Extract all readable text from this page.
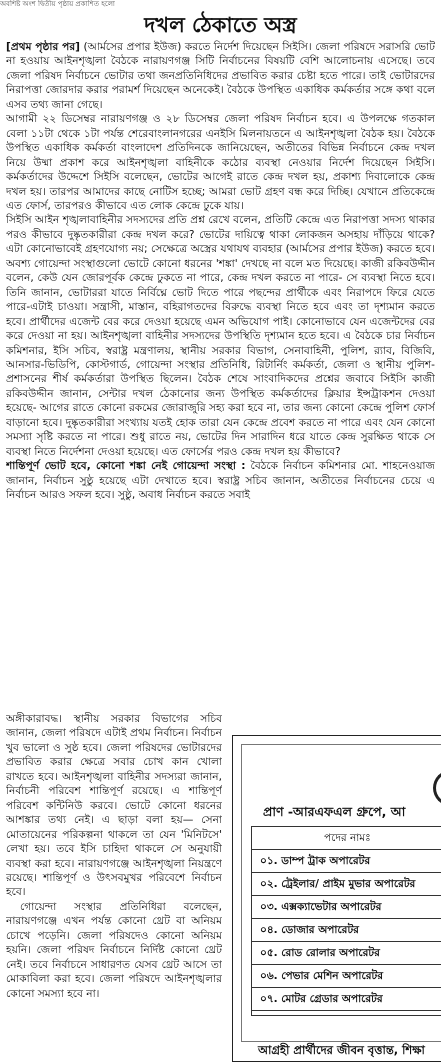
অবশিষ্ট অংশ দ্বিতীয় পৃষ্ঠায় প্রকাশিত হলো
দখল ঠেকাতে অস্ত্র

[প্রথম পৃষ্ঠার পর] (আর্মসের প্রপার ইউজ) করতে নির্দেশ দিয়েছেন সিইসি। জেলা পরিষদে সরাসরি ভোট না হওয়ায় আইনশৃঙ্খলা বৈঠকে নারায়ণগঞ্জ সিটি নির্বাচনের বিষয়টি বেশি আলোচনায় এসেছে। তবে জেলা পরিষদ নির্বাচনে ভোটার তথা জনপ্রতিনিধিদের প্রভাবিত করার চেষ্টা হতে পারে। তাই ভোটারদের নিরাপত্তা জোরদার করার পরামর্শ দিয়েছেন অনেকেই। বৈঠকে উপস্থিত একাধিক কর্মকর্তার সঙ্গে কথা বলে এসব তথ্য জানা গেছে।

আগামী ২২ ডিসেম্বর নারায়ণগঞ্জ ও ২৮ ডিসেম্বর জেলা পরিষদ নির্বাচন হবে। এ উপলক্ষে গতকাল বেলা ১১টা থেকে ১টা পর্যন্ত শেরেবাংলানগরের এনইসি মিলনায়তনে এ আইনশৃঙ্খলা বৈঠক হয়। বৈঠকে উপস্থিত একাধিক কর্মকর্তা বাংলাদেশ প্রতিদিনকে জানিয়েছেন, অতীতের বিভিন্ন নির্বাচনে কেন্দ্র দখল নিয়ে উষ্মা প্রকাশ করে আইনশৃঙ্খলা বাহিনীকে কঠোর ব্যবস্থা নেওয়ার নির্দেশ দিয়েছেন সিইসি। কর্মকর্তাদের উদ্দেশে সিইসি বলেছেন, ভোটের আগেই রাতে কেন্দ্র দখল হয়, প্রকাশ্য দিবালোকে কেন্দ্র দখল হয়। তারপর আমাদের কাছে নোটিস হচ্ছে; আমরা ভোট গ্রহণ বন্ধ করে দিচ্ছি। যেখানে প্রতিকেন্দ্রে এত ফোর্স, তারপরও কীভাবে এত লোক কেন্দ্রে ঢুকে যায়।

সিইসি আইন শৃঙ্খলাবাহিনীর সদস্যদের প্রতি প্রশ্ন রেখে বলেন, প্রতিটি কেন্দ্রে এত নিরাপত্তা সদস্য থাকার পরও কীভাবে দুষ্কৃতকারীরা কেন্দ্র দখল করে? ভোটের দায়িত্বে থাকা লোকজন অসহায় দাঁড়িয়ে থাকে? এটা কোনোভাবেই গ্রহণযোগ্য নয়; সেক্ষেত্রে অস্ত্রের যথাযথ ব্যবহার (আর্মসের প্রপার ইউজ) করতে হবে। অবশ্য গোয়েন্দা সংস্থাগুলো ভোটে কোনো ধরনের 'শঙ্কা' দেখছে না বলে মত দিয়েছে। কাজী রকিবউদ্দীন বলেন, কেউ যেন জোরপূর্বক কেন্দ্রে ঢুকতে না পারে, কেন্দ্র দখল করতে না পারে- সে ব্যবস্থা নিতে হবে। তিনি জানান, ভোটাররা যাতে নির্বিঘ্নে ভোট দিতে পারে পছন্দের প্রার্থীকে এবং নিরাপদে ফিরে যেতে পারে-এটাই চাওয়া। সন্ত্রাসী, মাস্তান, বহিরাগতদের বিরুদ্ধে ব্যবস্থা নিতে হবে এবং তা দৃশ্যমান করতে হবে। প্রার্থীদের এজেন্ট বের করে দেওয়া হয়েছে এমন অভিযোগ পাই। কোনোভাবে যেন এজেন্টদের বের করে দেওয়া না হয়। আইনশৃঙ্খলা বাহিনীর সদস্যদের উপস্থিতি দৃশ্যমান হতে হবে। এ বৈঠকে চার নির্বাচন কমিশনার, ইসি সচিব, স্বরাষ্ট্র মন্ত্রণালয়, স্থানীয় সরকার বিভাগ, সেনাবাহিনী, পুলিশ, র‍্যাব, বিজিবি, আনসার-ভিডিপি, কোস্টগার্ড, গোয়েন্দা সংস্থার প্রতিনিধি, রিটার্নিং কর্মকর্তা, জেলা ও স্থানীয় পুলিশ-প্রশাসনের শীর্ষ কর্মকর্তারা উপস্থিত ছিলেন। বৈঠক শেষে সাংবাদিকদের প্রশ্নের জবাবে সিইসি কাজী রকিবউদ্দীন জানান, সেন্টার দখল ঠেকানোর জন্য উপস্থিত কর্মকর্তাদের ক্লিয়ার ইন্সট্রাকশন দেওয়া হয়েছে- আগের রাতে কোনো রকমের জোরাজুরি সহ্য করা হবে না, তার জন্য কোনো কেন্দ্রে পুলিশ ফোর্স বাড়ানো হবে। দুষ্কৃতকারীরা সংখ্যায় যতই হোক তারা যেন কেন্দ্রে প্রবেশ করতে না পারে এবং যেন কোনো সমস্যা সৃষ্টি করতে না পারে। শুধু রাতে নয়, ভোটের দিন সারাদিন ধরে যাতে কেন্দ্র সুরক্ষিত থাকে সে ব্যবস্থা নিতে নির্দেশনা দেওয়া হয়েছে। এত ফোর্সের পরও কেন্দ্র দখল হয় কীভাবে?

শান্তিপূর্ণ ভোট হবে, কোনো শঙ্কা নেই গোয়েন্দা সংস্থা : বৈঠকে নির্বাচন কমিশনার মো. শাহনেওয়াজ জানান, নির্বাচন সুষ্ঠু হয়েছে এটা দেখাতে হবে। স্বরাষ্ট্র সচিব জানান, অতীতের নির্বাচনের চেয়ে এ নির্বাচন আরও সফল হবে। সুষ্ঠু, অবাধ নির্বাচন করতে সবাই

অঙ্গীকারাবদ্ধ। স্থানীয় সরকার বিভাগের সচিব জানান, জেলা পরিষদে এটাই প্রথম নির্বাচন। নির্বাচন খুব ভালো ও সুষ্ঠ হবে। জেলা পরিষদের ভোটারদের প্রভাবিত করার ক্ষেত্রে সবার চোখ কান খোলা রাখতে হবে। আইনশৃঙ্খলা বাহিনীর সদস্যরা জানান, নির্বাচনী পরিবেশ শান্তিপূর্ণ রয়েছে। এ শান্তিপূর্ণ পরিবেশ কন্টিনিউ করবে। ভোটে কোনো ধরনের আশঙ্কার তথ্য নেই। এ ছাড়া বলা হয়— সেনা মোতায়েনের পরিকল্পনা থাকলে তা যেন 'মিনিটসে' লেখা হয়। তবে ইসি চাহিদা থাকলে সে অনুযায়ী ব্যবস্থা করা হবে। নারায়ণগঞ্জে আইনশৃঙ্খলা নিয়ন্ত্রণে রয়েছে। শান্তিপূর্ণ ও উৎসবমুখর পরিবেশে নির্বাচন হবে।

গোয়েন্দা সংস্থার প্রতিনিধিরা বলেছেন, নারায়ণগঞ্জে এখন পর্যন্ত কোনো থ্রেট বা অনিয়ম চোখে পড়েনি। জেলা পরিষদেও কোনো অনিয়ম হয়নি। জেলা পরিষদ নির্বাচনে নির্দিষ্ট কোনো থ্রেট নেই। তবে নির্বাচনে সাধারণত যেসব থ্রেট আসে তা মোকাবিলা করা হবে। জেলা পরিষদে আইনশৃঙ্খলার কোনো সমস্যা হবে না।

প্রাণ -আরএফএল গ্রুপে, আ
পদের নামঃ
০১. ডাম্প ট্রাক অপারেটর
০২. ট্রেইলার/ প্রাইম মুভার অপারেটর
০৩. এক্সক্যাভেটার অপারেটর
০৪. ডোজার অপারেটর
০৫. রোড রোলার অপারেটর
০৬. পেভার মেশিন অপারেটর
০৭. মোটর গ্রেডার অপারেটর
আগ্রহী প্রার্থীদের জীবন বৃত্তান্ত, শিক্ষা
